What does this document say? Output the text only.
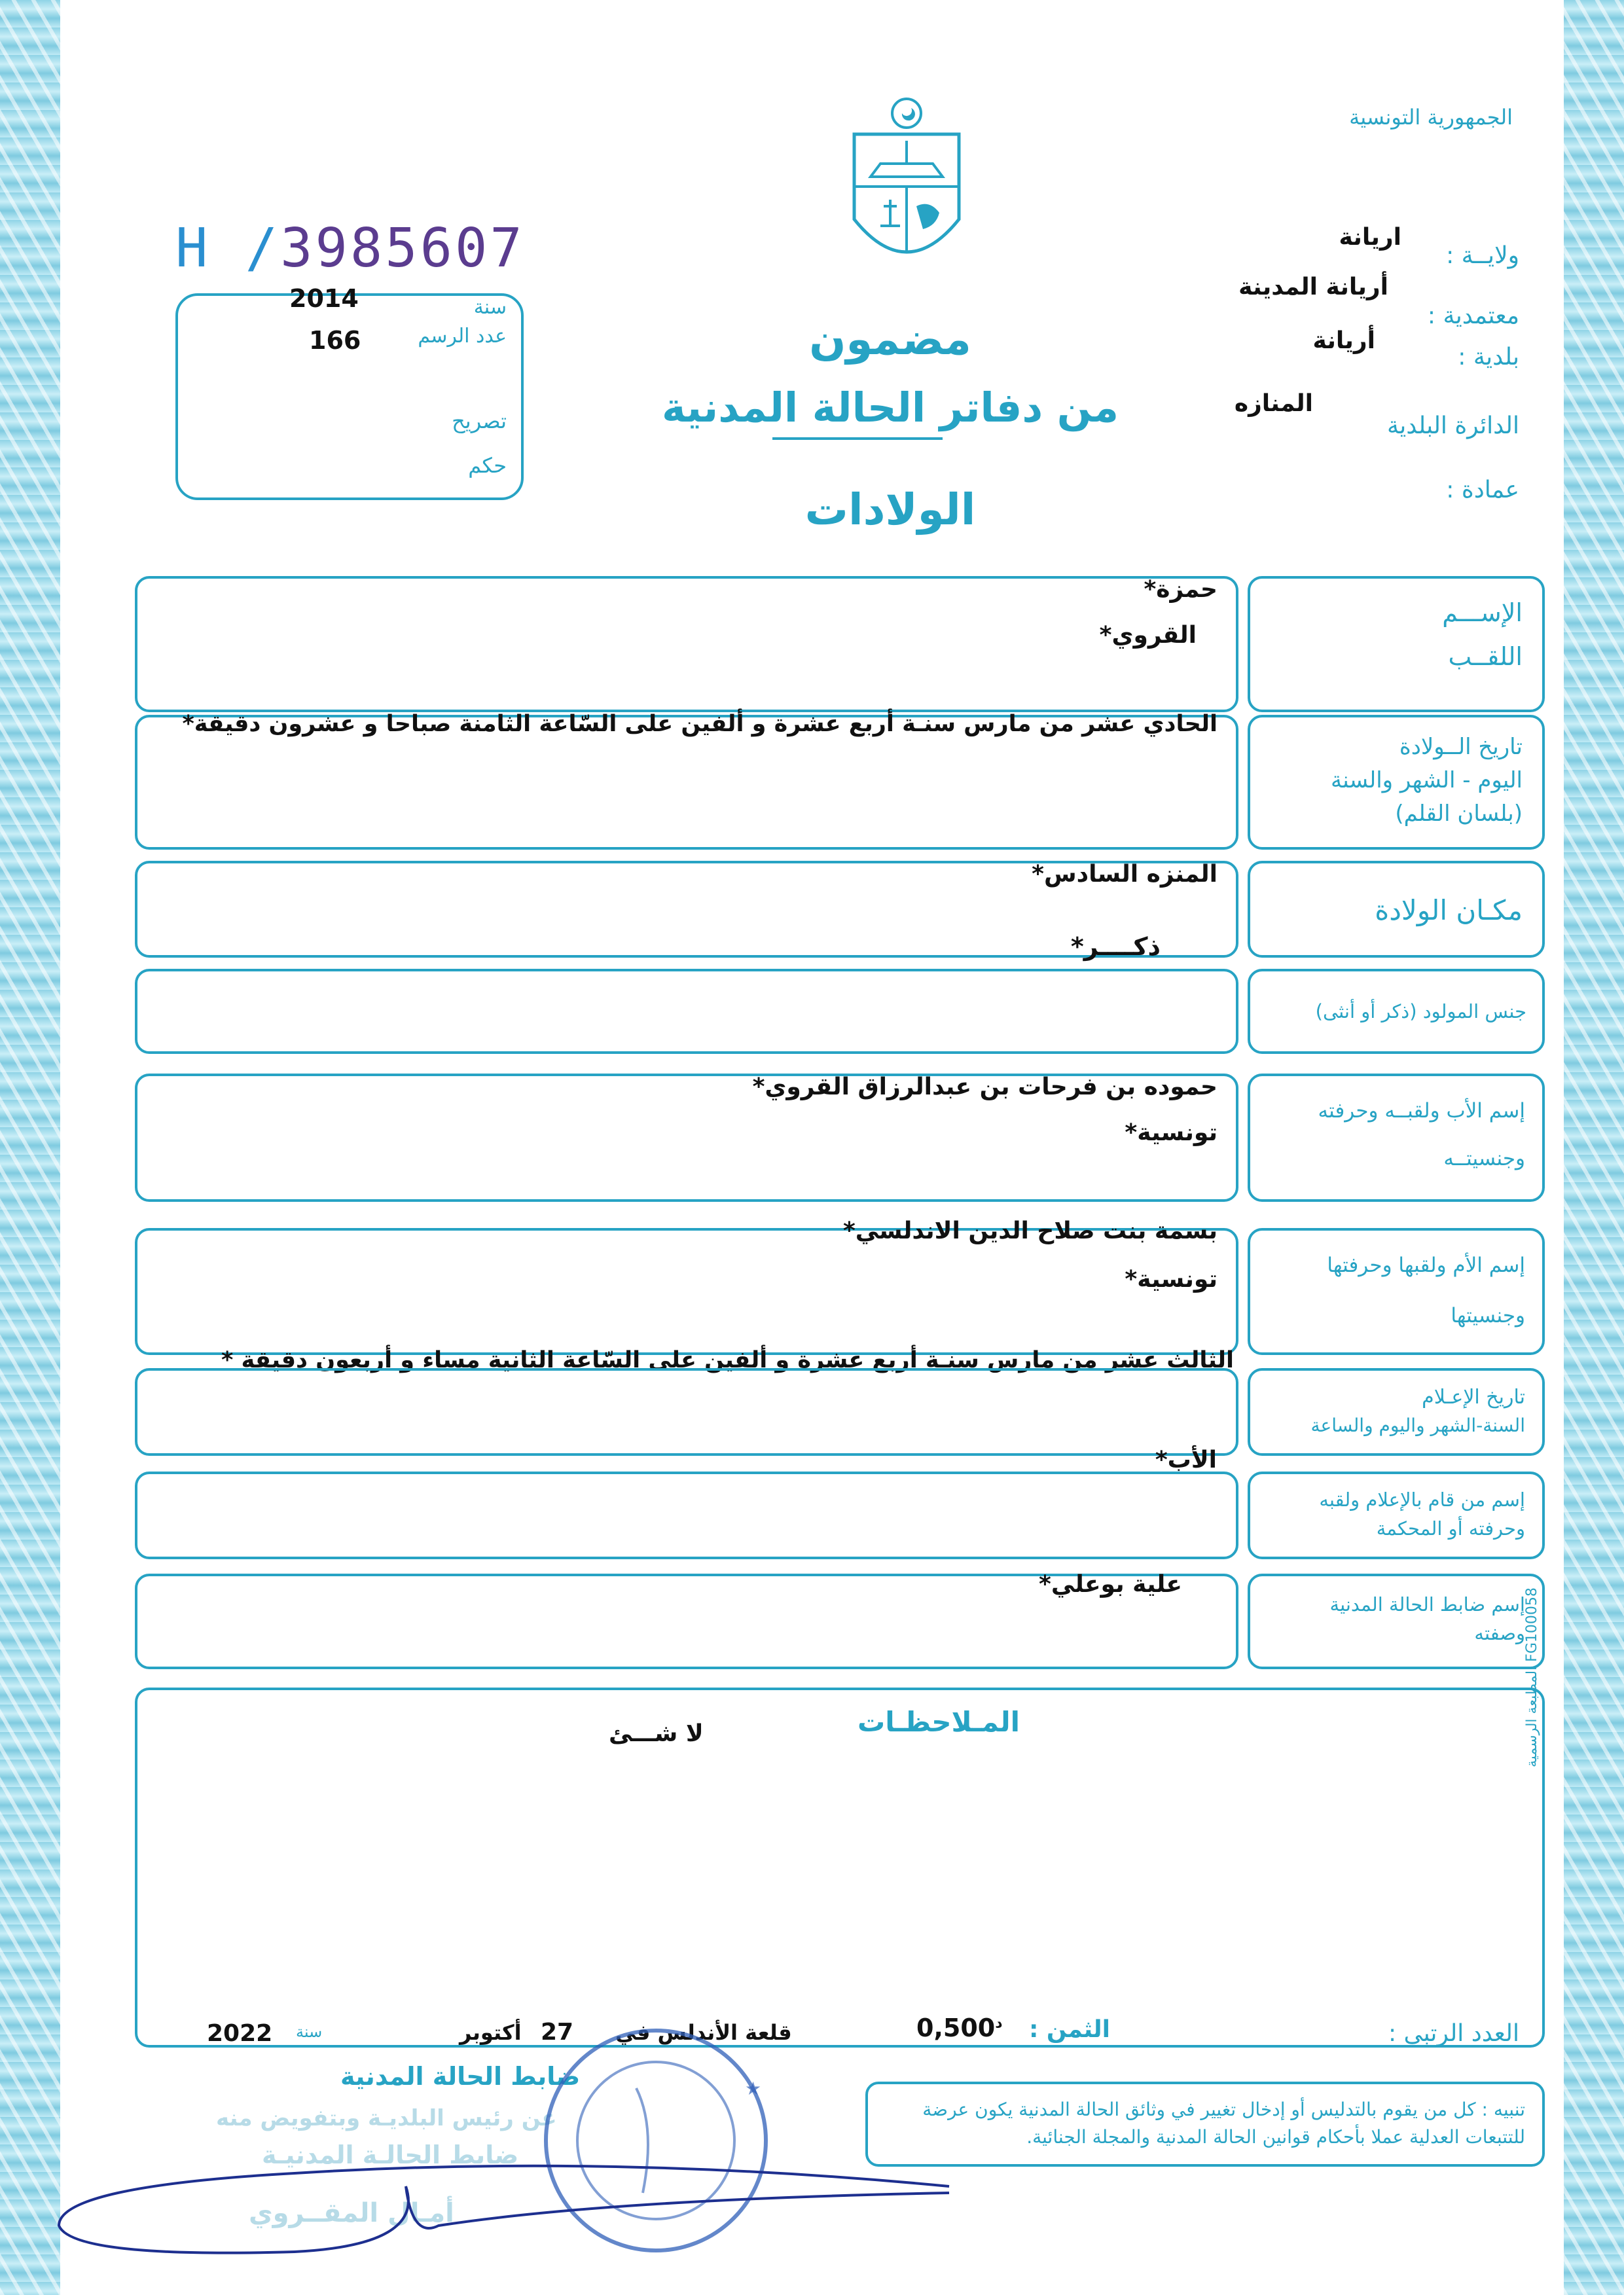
الجمهورية التونسية
H /3985607
2014
166
سنة
عدد الرسم
تصريح
حكم
مضمون
من دفاتر الحالة المدنية
الولادات
ولايــة :
اريانة
معتمدية :
أريانة المدينة
بلدية :
أريانة
الدائرة البلدية
المنازه
عمادة :
حمزة*
القروي*
الإســـم
اللقــب
الحادي عشر من مارس سنـة أربع عشرة و ألفين على السّاعة الثامنة صباحا و عشرون دقيقة*
تاريخ الــولادة
اليوم - الشهر والسنة
(بلسان القلم)
المنزه السادس*
مكـان الولادة
ذكــــر*
جنس المولود (ذكر أو أنثى)
حموده بن فرحات بن عبدالرزاق القروي*
تونسية*
إسم الأب ولقبــه وحرفته
وجنسيتــه
بسمة بنت صلاح الدين الاندلسي*
تونسية*
إسم الأم ولقبها وحرفتها
وجنسيتها
الثالث عشر من مارس سنـة أربع عشرة و ألفين على السّاعة الثانية مساء و أربعون دقيقة *
تاريخ الإعـلام
السنة-الشهر واليوم والساعة
الأب*
إسم من قام بالإعلام ولقبه
وحرفته أو المحكمة
علية بوعلي*
إسم ضابط الحالة المدنية
وصفته
المـلاحظـات
لا شـــئ	المطبعة الرسمية FG100058
العدد الرتبي :
الثمن :
$0,500^د$
قلعة الأندلس في
27
أكتوبر
سنة
2022
ضابط الحالة المدنية
عن رئيس البلديـة وبتفويض منه
ضابط الحالـة المدنيـة
أمـال المقــروي
★
تنبيه : كل من يقوم بالتدليس أو إدخال تغيير في وثائق الحالة المدنية يكون عرضة للتتبعات العدلية عملا بأحكام قوانين الحالة المدنية والمجلة الجنائية.
